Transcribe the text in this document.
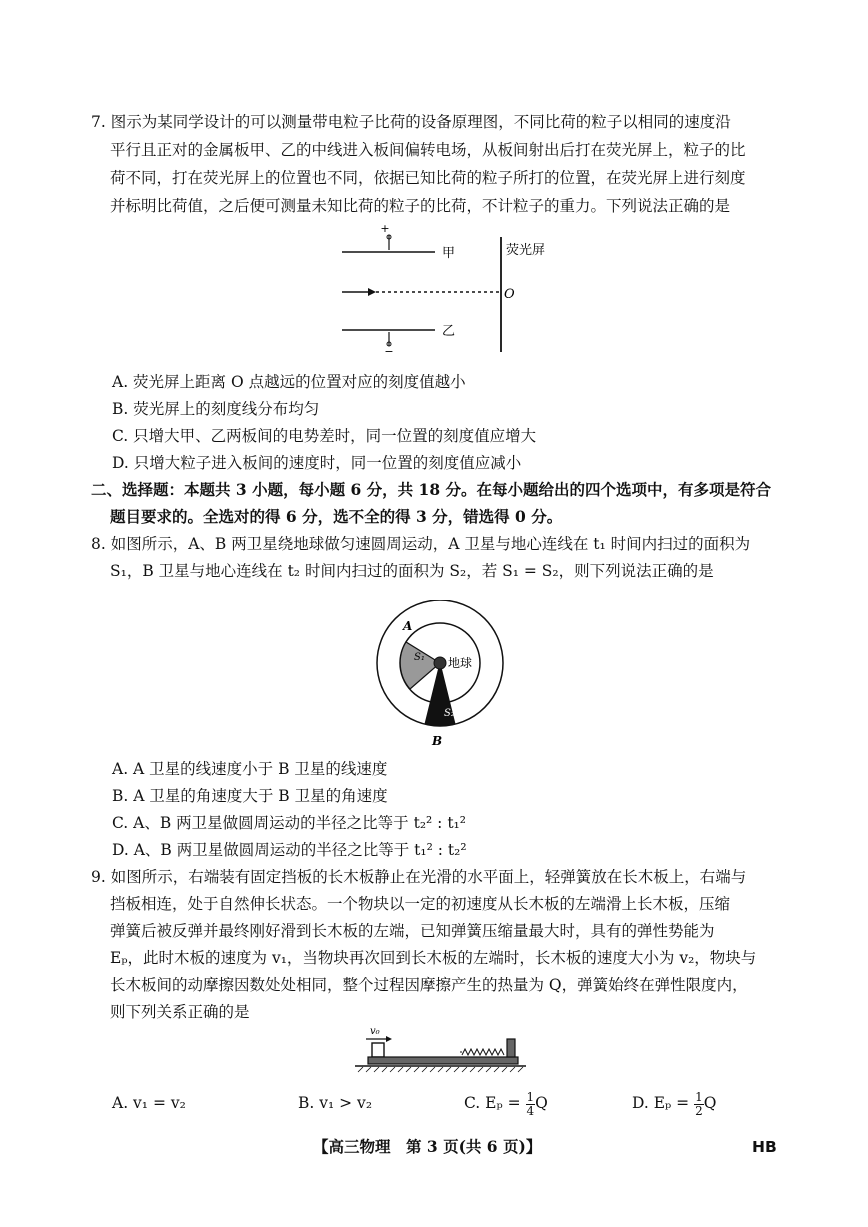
7. 图示为某同学设计的可以测量带电粒子比荷的设备原理图，不同比荷的粒子以相同的速度沿
平行且正对的金属板甲、乙的中线进入板间偏转电场，从板间射出后打在荧光屏上，粒子的比
荷不同，打在荧光屏上的位置也不同，依据已知比荷的粒子所打的位置，在荧光屏上进行刻度
并标明比荷值，之后便可测量未知比荷的粒子的比荷，不计粒子的重力。下列说法正确的是
+
甲	荧光屏
O
乙
−
A. 荧光屏上距离 O 点越远的位置对应的刻度值越小
B. 荧光屏上的刻度线分布均匀
C. 只增大甲、乙两板间的电势差时，同一位置的刻度值应增大
D. 只增大粒子进入板间的速度时，同一位置的刻度值应减小
二、选择题：本题共 3 小题，每小题 6 分，共 18 分。在每小题给出的四个选项中，有多项是符合
题目要求的。全选对的得 6 分，选不全的得 3 分，错选得 0 分。
8. 如图所示，A、B 两卫星绕地球做匀速圆周运动，A 卫星与地心连线在 t₁ 时间内扫过的面积为
S₁，B 卫星与地心连线在 t₂ 时间内扫过的面积为 S₂，若 S₁ = S₂，则下列说法正确的是
A
S₁ 地球
S₂
B
A. A 卫星的线速度小于 B 卫星的线速度
B. A 卫星的角速度大于 B 卫星的角速度
C. A、B 两卫星做圆周运动的半径之比等于 t₂² : t₁²
D. A、B 两卫星做圆周运动的半径之比等于 t₁² : t₂²
9. 如图所示，右端装有固定挡板的长木板静止在光滑的水平面上，轻弹簧放在长木板上，右端与
挡板相连，处于自然伸长状态。一个物块以一定的初速度从长木板的左端滑上长木板，压缩
弹簧后被反弹并最终刚好滑到长木板的左端，已知弹簧压缩量最大时，具有的弹性势能为
Eₚ，此时木板的速度为 v₁，当物块再次回到长木板的左端时，长木板的速度大小为 v₂，物块与
长木板间的动摩擦因数处处相同，整个过程因摩擦产生的热量为 Q，弹簧始终在弹性限度内，
则下列关系正确的是
v₀
A. v₁ = v₂	B. v₁ > v₂	C. $E_p = \frac{1}{4}$ Q	D. $E_p = \frac{1}{2}$ Q
【高三物理　第 3 页(共 6 页)】	HB
